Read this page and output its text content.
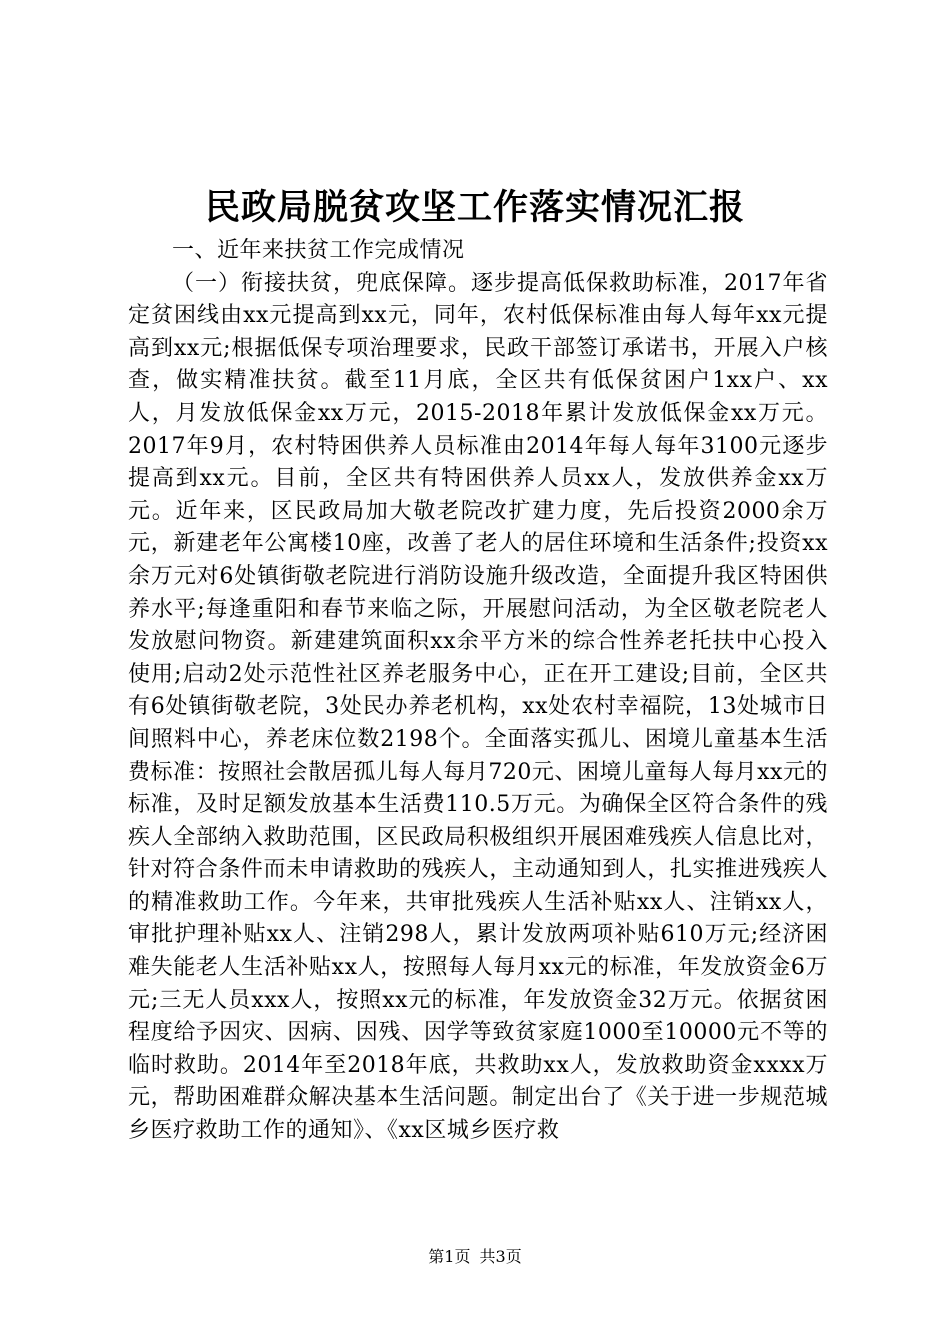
民政局脱贫攻坚工作落实情况汇报

一、近年来扶贫工作完成情况

（一）衔接扶贫，兜底保障。逐步提高低保救助标准，2017年省定贫困线由xx元提高到xx元，同年，农村低保标准由每人每年xx元提高到xx元;根据低保专项治理要求，民政干部签订承诺书，开展入户核查，做实精准扶贫。截至11月底，全区共有低保贫困户1xx户、xx人，月发放低保金xx万元，2015-2018年累计发放低保金xx万元。2017年9月，农村特困供养人员标准由2014年每人每年3100元逐步提高到xx元。目前，全区共有特困供养人员xx人，发放供养金xx万元。近年来，区民政局加大敬老院改扩建力度，先后投资2000余万元，新建老年公寓楼10座，改善了老人的居住环境和生活条件;投资xx余万元对6处镇街敬老院进行消防设施升级改造，全面提升我区特困供养水平;每逢重阳和春节来临之际，开展慰问活动，为全区敬老院老人发放慰问物资。新建建筑面积xx余平方米的综合性养老托扶中心投入使用;启动2处示范性社区养老服务中心，正在开工建设;目前，全区共有6处镇街敬老院，3处民办养老机构，xx处农村幸福院，13处城市日间照料中心，养老床位数2198个。全面落实孤儿、困境儿童基本生活费标准：按照社会散居孤儿每人每月720元、困境儿童每人每月xx元的标准，及时足额发放基本生活费110.5万元。为确保全区符合条件的残疾人全部纳入救助范围，区民政局积极组织开展困难残疾人信息比对，针对符合条件而未申请救助的残疾人，主动通知到人，扎实推进残疾人的精准救助工作。今年来，共审批残疾人生活补贴xx人、注销xx人，审批护理补贴xx人、注销298人，累计发放两项补贴610万元;经济困难失能老人生活补贴xx人，按照每人每月xx元的标准，年发放资金6万元;三无人员xxx人，按照xx元的标准，年发放资金32万元。依据贫困程度给予因灾、因病、因残、因学等致贫家庭1000至10000元不等的临时救助。2014年至2018年底，共救助xx人，发放救助资金xxxx万元，帮助困难群众解决基本生活问题。制定出台了《关于进一步规范城乡医疗救助工作的通知》、《xx区城乡医疗救

第1页 共3页
